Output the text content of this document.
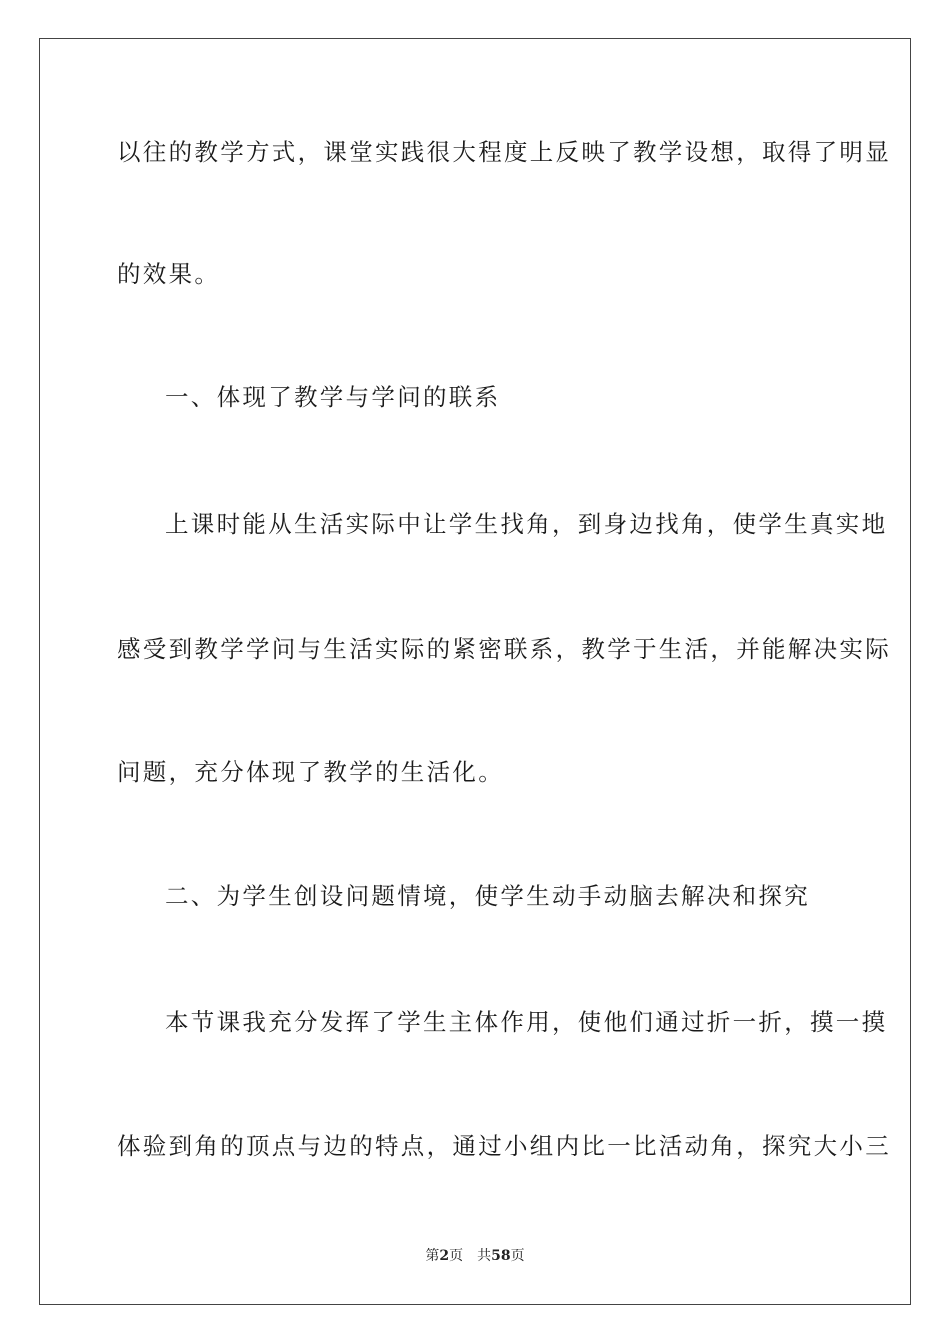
以往的教学方式，课堂实践很大程度上反映了教学设想，取得了明显
的效果。
一、体现了教学与学问的联系
上课时能从生活实际中让学生找角，到身边找角，使学生真实地
感受到教学学问与生活实际的紧密联系，教学于生活，并能解决实际
问题，充分体现了教学的生活化。
二、为学生创设问题情境，使学生动手动脑去解决和探究
本节课我充分发挥了学生主体作用，使他们通过折一折，摸一摸
体验到角的顶点与边的特点，通过小组内比一比活动角，探究大小三
第2页 共58页
